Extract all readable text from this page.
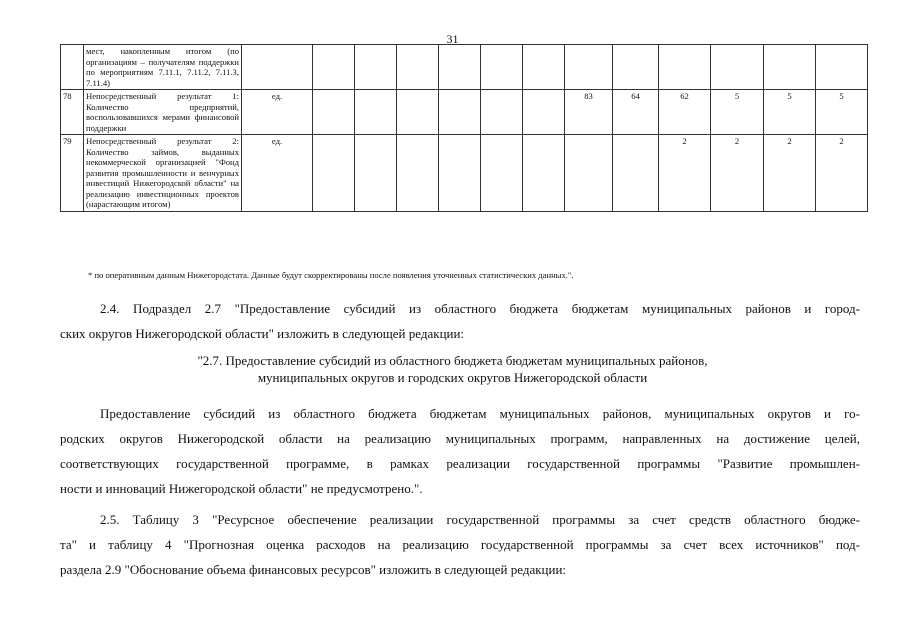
31
	мест, накопленным итогом (по организациям – получателям поддержки по мероприятиям 7.11.1, 7.11.2, 7.11.3, 7.11.4)													
78	Непосредственный результат 1: Количество предприятий, воспользовавшихся мерами финансовой поддержки	ед.							83	64	62	5	5	5
79	Непосредственный результат 2: Количество займов, выданных некоммерческой организацией "Фонд развития промышленности и венчурных инвестиций Нижегородской области" на реализацию инвестиционных проектов (нарастающим итогом)	ед.									2	2	2	2
* по оперативным данным Нижегородстата. Данные будут скорректированы после появления уточненных статистических данных.".
2.4. Подраздел 2.7 "Предоставление субсидий из областного бюджета бюджетам муниципальных районов и город-
ских округов Нижегородской области" изложить в следующей редакции:
"2.7. Предоставление субсидий из областного бюджета бюджетам муниципальных районов,
муниципальных округов и городских округов Нижегородской области
Предоставление субсидий из областного бюджета бюджетам муниципальных районов, муниципальных округов и го-
родских округов Нижегородской области на реализацию муниципальных программ, направленных на достижение целей,
соответствующих государственной программе, в рамках реализации государственной программы "Развитие промышлен-
ности и инноваций Нижегородской области" не предусмотрено.".
2.5. Таблицу 3 "Ресурсное обеспечение реализации государственной программы за счет средств областного бюдже-
та" и таблицу 4 "Прогнозная оценка расходов на реализацию государственной программы за счет всех источников" под-
раздела 2.9 "Обоснование объема финансовых ресурсов" изложить в следующей редакции:
